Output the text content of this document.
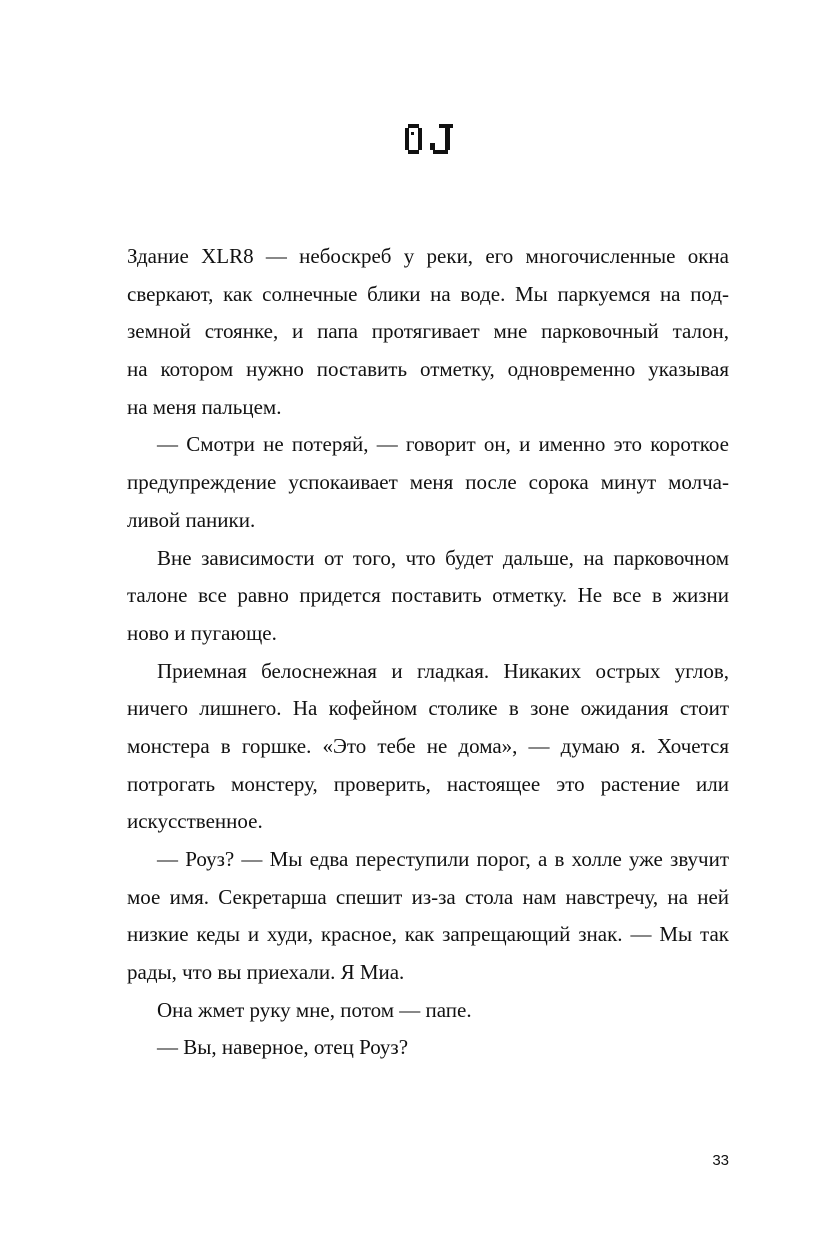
Здание XLR8 — небоскреб у реки, его многочисленные окна
сверкают, как солнечные блики на воде. Мы паркуемся на под-
земной стоянке, и папа протягивает мне парковочный талон,
на котором нужно поставить отметку, одновременно указывая
на меня пальцем.
— Смотри не потеряй, — говорит он, и именно это короткое
предупреждение успокаивает меня после сорока минут молча-
ливой паники.
Вне зависимости от того, что будет дальше, на парковочном
талоне все равно придется поставить отметку. Не все в жизни
ново и пугающе.
Приемная белоснежная и гладкая. Никаких острых углов,
ничего лишнего. На кофейном столике в зоне ожидания стоит
монстера в горшке. «Это тебе не дома», — думаю я. Хочется
потрогать монстеру, проверить, настоящее это растение или
искусственное.
— Роуз? — Мы едва переступили порог, а в холле уже звучит
мое имя. Секретарша спешит из-за стола нам навстречу, на ней
низкие кеды и худи, красное, как запрещающий знак. — Мы так
рады, что вы приехали. Я Миа.
Она жмет руку мне, потом — папе.
— Вы, наверное, отец Роуз?
33
